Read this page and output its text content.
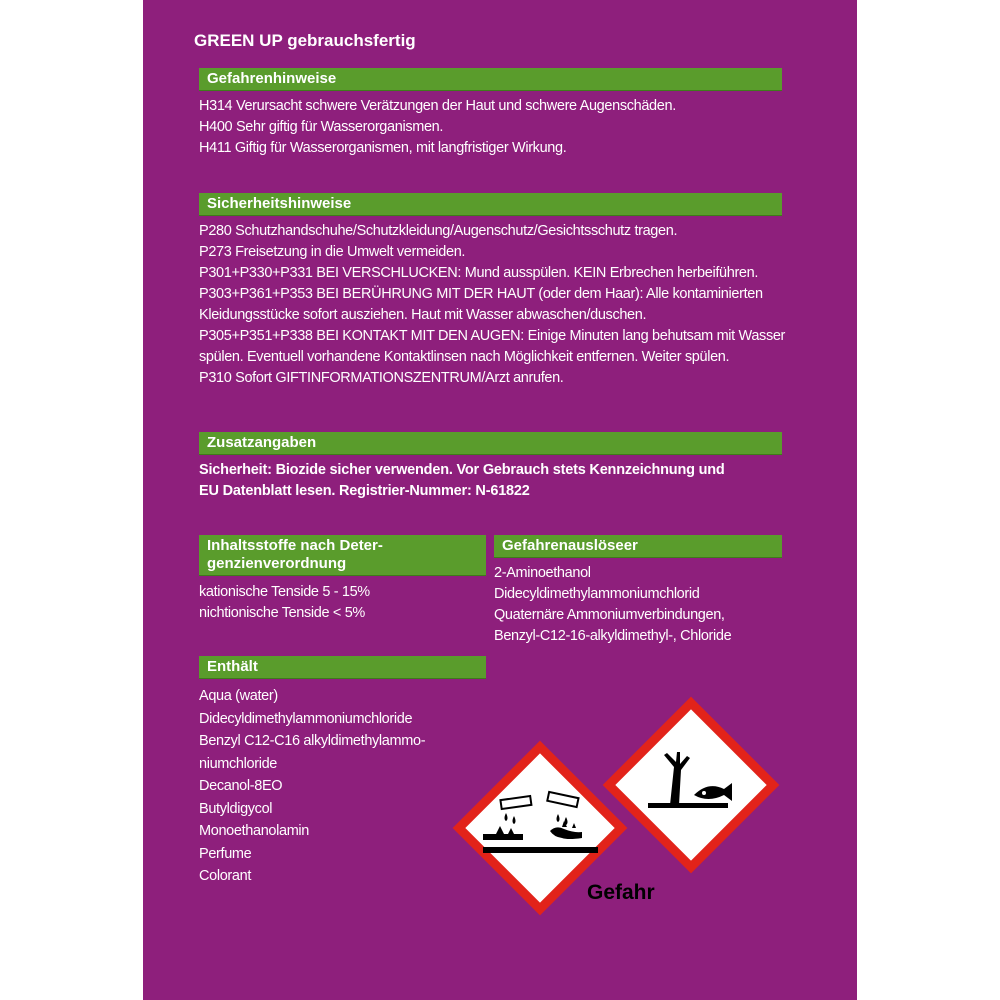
GREEN UP gebrauchsfertig
Gefahrenhinweise
H314 Verursacht schwere Verätzungen der Haut und schwere Augenschäden.
H400 Sehr giftig für Wasserorganismen.
H411 Giftig für Wasserorganismen, mit langfristiger Wirkung.
Sicherheitshinweise
P280 Schutzhandschuhe/Schutzkleidung/Augenschutz/Gesichtsschutz tragen.
P273 Freisetzung in die Umwelt vermeiden.
P301+P330+P331 BEI VERSCHLUCKEN: Mund ausspülen. KEIN Erbrechen herbeiführen.
P303+P361+P353 BEI BERÜHRUNG MIT DER HAUT (oder dem Haar): Alle kontaminierten
Kleidungsstücke sofort ausziehen. Haut mit Wasser abwaschen/duschen.
P305+P351+P338 BEI KONTAKT MIT DEN AUGEN: Einige Minuten lang behutsam mit Wasser
spülen. Eventuell vorhandene Kontaktlinsen nach Möglichkeit entfernen. Weiter spülen.
P310 Sofort GIFTINFORMATIONSZENTRUM/Arzt anrufen.
Zusatzangaben
Sicherheit: Biozide sicher verwenden. Vor Gebrauch stets Kennzeichnung und
EU Datenblatt lesen. Registrier-Nummer: N-61822
Inhaltsstoffe nach Deter-
genzienverordnung
kationische Tenside 5 - 15%
nichtionische Tenside < 5%
Gefahrenauslöseer
2-Aminoethanol
Didecyldimethylammoniumchlorid
Quaternäre Ammoniumverbindungen,
Benzyl-C12-16-alkyldimethyl-, Chloride
Enthält
Aqua (water)
Didecyldimethylammoniumchloride
Benzyl C12-C16 alkyldimethylammo-
niumchloride
Decanol-8EO
Butyldigycol
Monoethanolamin
Perfume
Colorant
Gefahr
